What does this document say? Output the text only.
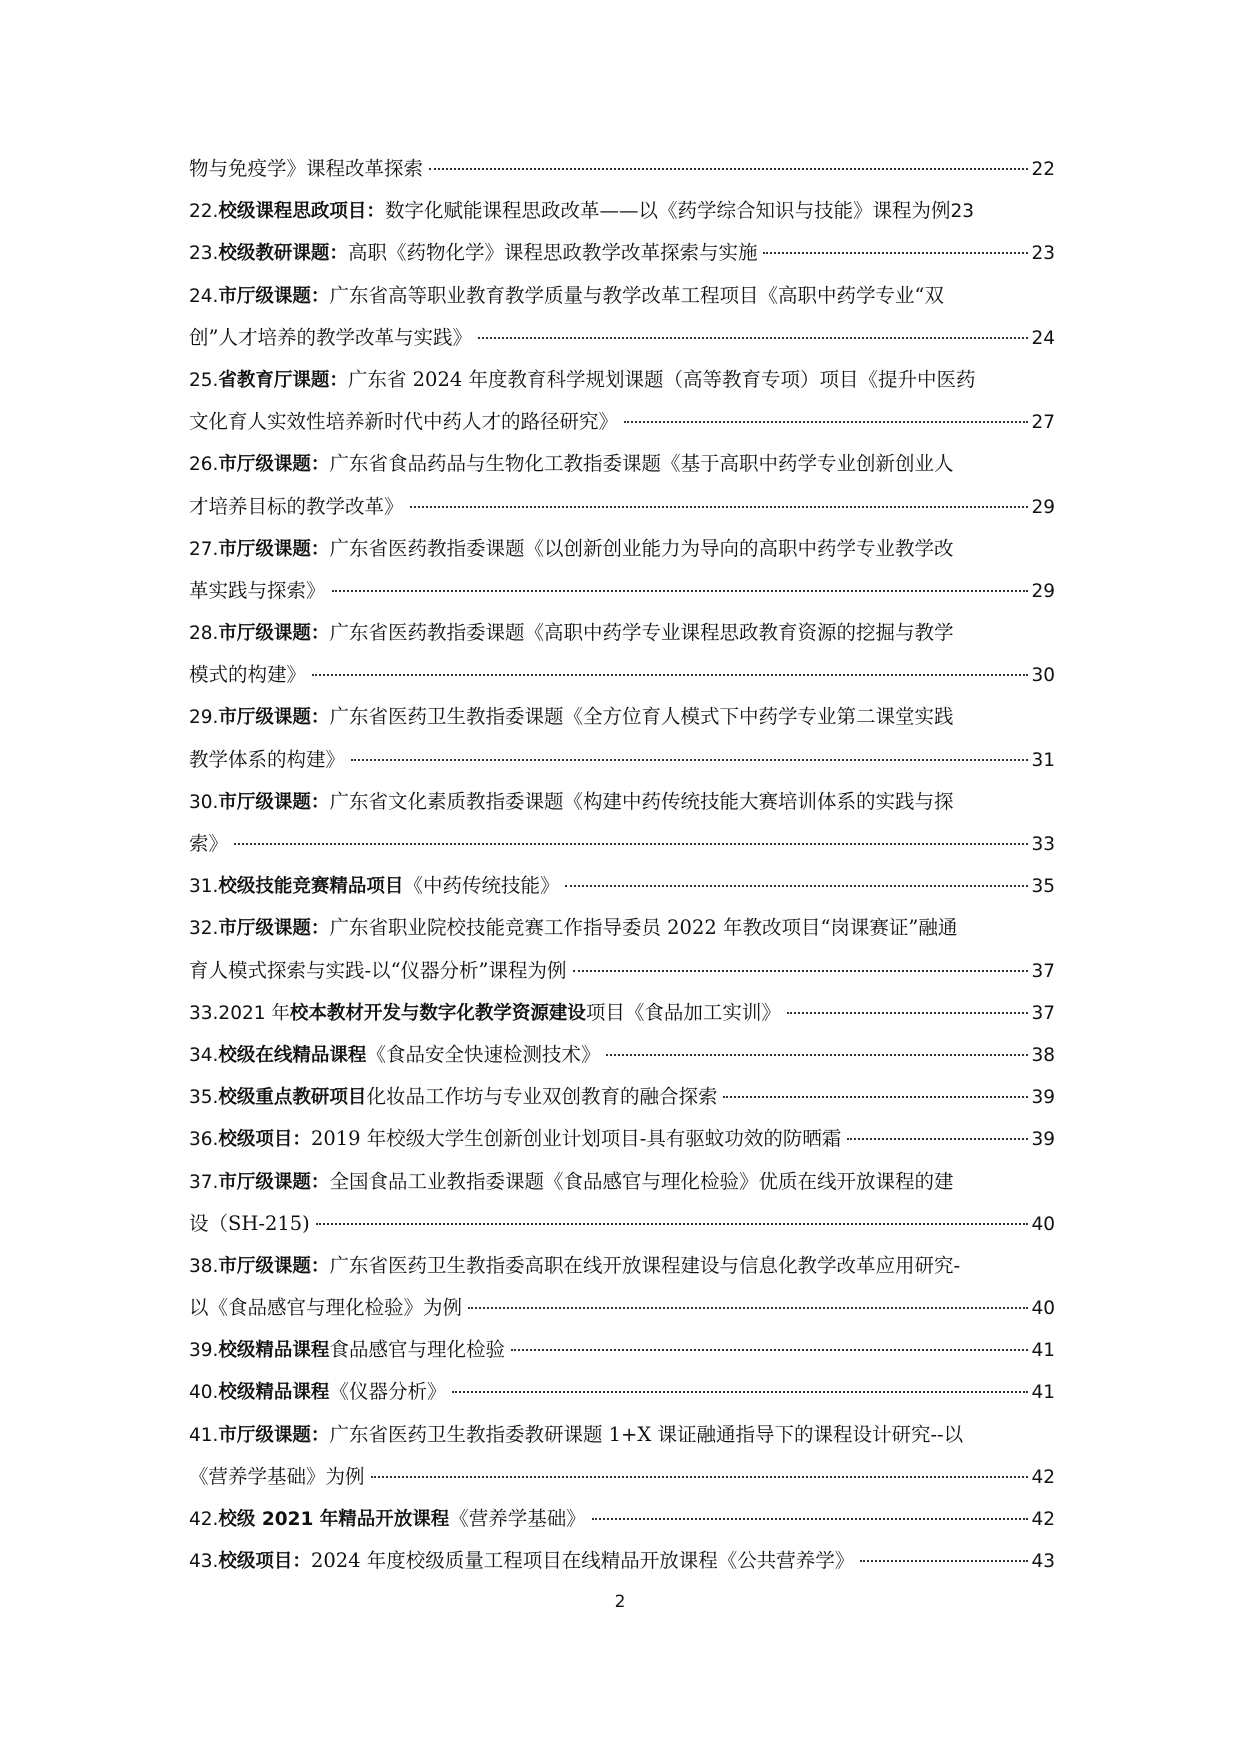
物与免疫学》课程改革探索	22
22.校级课程思政项目：数字化赋能课程思政改革——以《药学综合知识与技能》课程为例 23
23.校级教研课题：高职《药物化学》课程思政教学改革探索与实施	23
24.市厅级课题：广东省高等职业教育教学质量与教学改革工程项目《高职中药学专业“双
创”人才培养的教学改革与实践》	24
25.省教育厅课题：广东省 2024 年度教育科学规划课题（高等教育专项）项目《提升中医药
文化育人实效性培养新时代中药人才的路径研究》	27
26.市厅级课题：广东省食品药品与生物化工教指委课题《基于高职中药学专业创新创业人
才培养目标的教学改革》	29
27.市厅级课题：广东省医药教指委课题《以创新创业能力为导向的高职中药学专业教学改
革实践与探索》	29
28.市厅级课题：广东省医药教指委课题《高职中药学专业课程思政教育资源的挖掘与教学
模式的构建》	30
29.市厅级课题：广东省医药卫生教指委课题《全方位育人模式下中药学专业第二课堂实践
教学体系的构建》	31
30.市厅级课题：广东省文化素质教指委课题《构建中药传统技能大赛培训体系的实践与探
索》	33
31.校级技能竞赛精品项目《中药传统技能》	35
32.市厅级课题：广东省职业院校技能竞赛工作指导委员 2022 年教改项目“岗课赛证”融通
育人模式探索与实践-以“仪器分析”课程为例	37
33.2021 年校本教材开发与数字化教学资源建设项目《食品加工实训》	37
34.校级在线精品课程《食品安全快速检测技术》	38
35.校级重点教研项目化妆品工作坊与专业双创教育的融合探索	39
36.校级项目：2019 年校级大学生创新创业计划项目-具有驱蚊功效的防晒霜	39
37.市厅级课题：全国食品工业教指委课题《食品感官与理化检验》优质在线开放课程的建
设（SH-215)	40
38.市厅级课题：广东省医药卫生教指委高职在线开放课程建设与信息化教学改革应用研究-
以《食品感官与理化检验》为例	40
39.校级精品课程食品感官与理化检验	41
40.校级精品课程《仪器分析》	41
41.市厅级课题：广东省医药卫生教指委教研课题 1+X 课证融通指导下的课程设计研究--以
《营养学基础》为例	42
42.校级 2021 年精品开放课程《营养学基础》	42
43.校级项目：2024 年度校级质量工程项目在线精品开放课程《公共营养学》	43
2
